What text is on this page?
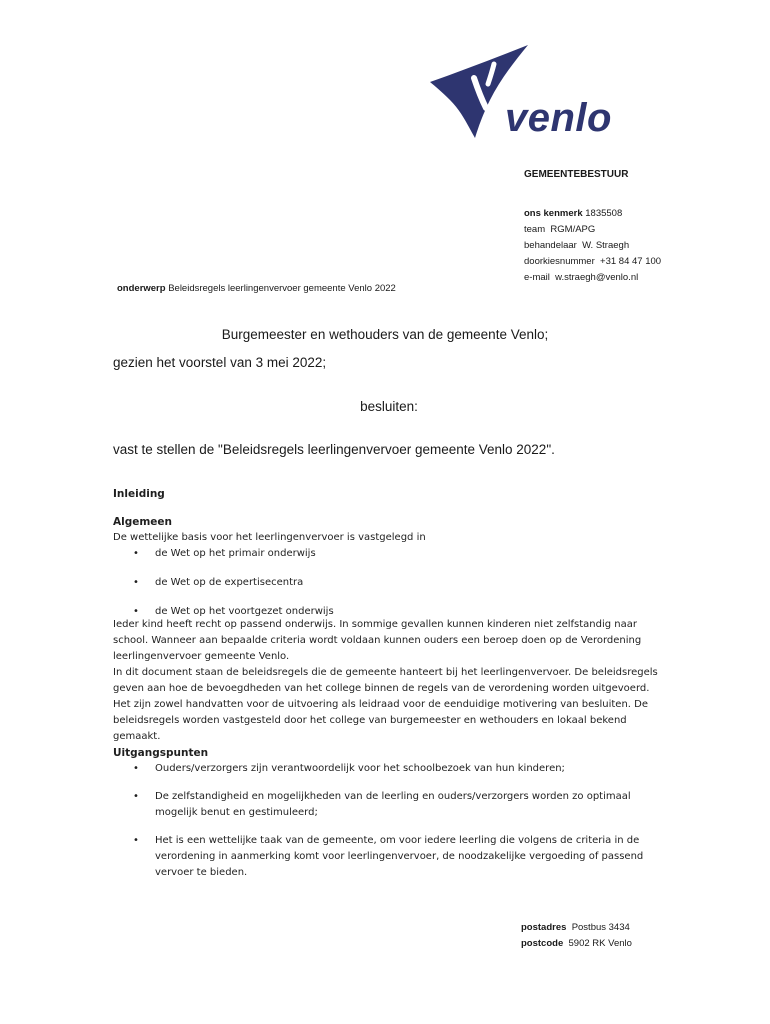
venlo
GEMEENTEBESTUUR
ons kenmerk 1835508
team RGM/APG
behandelaar W. Straegh
doorkiesnummer +31 84 47 100
e-mail w.straegh@venlo.nl
onderwerp Beleidsregels leerlingenvervoer gemeente Venlo 2022
Burgemeester en wethouders van de gemeente Venlo;
gezien het voorstel van 3 mei 2022;
besluiten:
vast te stellen de "Beleidsregels leerlingenvervoer gemeente Venlo 2022".
Inleiding
Algemeen
De wettelijke basis voor het leerlingenvervoer is vastgelegd in
• de Wet op het primair onderwijs
• de Wet op de expertisecentra
• de Wet op het voortgezet onderwijs
Ieder kind heeft recht op passend onderwijs. In sommige gevallen kunnen kinderen niet zelfstandig naar school. Wanneer aan bepaalde criteria wordt voldaan kunnen ouders een beroep doen op de Verordening leerlingenvervoer gemeente Venlo.
In dit document staan de beleidsregels die de gemeente hanteert bij het leerlingenvervoer. De beleidsregels geven aan hoe de bevoegdheden van het college binnen de regels van de verordening worden uitgevoerd. Het zijn zowel handvatten voor de uitvoering als leidraad voor de eenduidige motivering van besluiten. De beleidsregels worden vastgesteld door het college van burgemeester en wethouders en lokaal bekend gemaakt.
Uitgangspunten
• Ouders/verzorgers zijn verantwoordelijk voor het schoolbezoek van hun kinderen;
• De zelfstandigheid en mogelijkheden van de leerling en ouders/verzorgers worden zo optimaal mogelijk benut en gestimuleerd;
• Het is een wettelijke taak van de gemeente, om voor iedere leerling die volgens de criteria in de verordening in aanmerking komt voor leerlingenvervoer, de noodzakelijke vergoeding of passend vervoer te bieden.
postadres Postbus 3434
postcode 5902 RK Venlo
